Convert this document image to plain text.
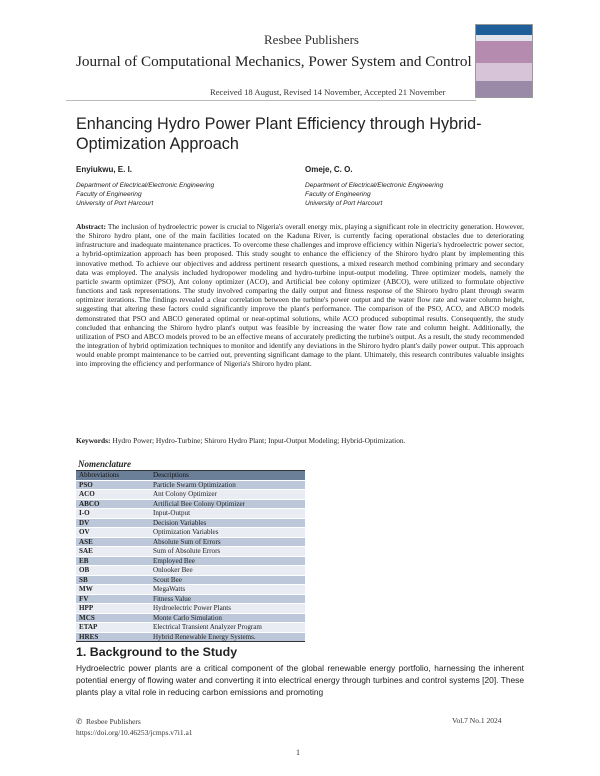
Resbee Publishers
Journal of Computational Mechanics, Power System and Control
Received 18 August, Revised 14 November, Accepted 21 November
Enhancing Hydro Power Plant Efficiency through Hybrid-Optimization Approach
Enyiukwu, E. I.
Department of Electrical/Electronic Engineering
Faculty of Engineering
University of Port Harcourt
Omeje, C. O.
Department of Electrical/Electronic Engineering
Faculty of Engineering
University of Port Harcourt
Abstract: The inclusion of hydroelectric power is crucial to Nigeria's overall energy mix, playing a significant role in electricity generation. However, the Shiroro hydro plant, one of the main facilities located on the Kaduna River, is currently facing operational obstacles due to deteriorating infrastructure and inadequate maintenance practices. To overcome these challenges and improve efficiency within Nigeria's hydroelectric power sector, a hybrid-optimization approach has been proposed. This study sought to enhance the efficiency of the Shiroro hydro plant by implementing this innovative method. To achieve our objectives and address pertinent research questions, a mixed research method combining primary and secondary data was employed. The analysis included hydropower modeling and hydro-turbine input-output modeling. Three optimizer models, namely the particle swarm optimizer (PSO), Ant colony optimizer (ACO), and Artificial bee colony optimizer (ABCO), were utilized to formulate objective functions and task representations. The study involved comparing the daily output and fitness response of the Shiroro hydro plant through swarm optimizer iterations. The findings revealed a clear correlation between the turbine's power output and the water flow rate and water column height, suggesting that altering these factors could significantly improve the plant's performance. The comparison of the PSO, ACO, and ABCO models demonstrated that PSO and ABCO generated optimal or near-optimal solutions, while ACO produced suboptimal results. Consequently, the study concluded that enhancing the Shiroro hydro plant's output was feasible by increasing the water flow rate and column height. Additionally, the utilization of PSO and ABCO models proved to be an effective means of accurately predicting the turbine's output. As a result, the study recommended the integration of hybrid optimization techniques to monitor and identify any deviations in the Shiroro hydro plant's daily power output. This approach would enable prompt maintenance to be carried out, preventing significant damage to the plant. Ultimately, this research contributes valuable insights into improving the efficiency and performance of Nigeria's Shiroro hydro plant.
Keywords: Hydro Power; Hydro-Turbine; Shiroro Hydro Plant; Input-Output Modeling; Hybrid-Optimization.
Nomenclature
Abbreviations	Descriptions
PSO	Particle Swarm Optimization
ACO	Ant Colony Optimizer
ABCO	Artificial Bee Colony Optimizer
I-O	Input-Output
DV	Decision Variables
OV	Optimization Variables
ASE	Absolute Sum of Errors
SAE	Sum of Absolute Errors
EB	Employed Bee
OB	Onlooker Bee
SB	Scout Bee
MW	MegaWatts
FV	Fitness Value
HPP	Hydroelectric Power Plants
MCS	Monte Carlo Simulation
ETAP	Electrical Transient Analyzer Program
HRES	Hybrid Renewable Energy Systems.
1. Background to the Study
Hydroelectric power plants are a critical component of the global renewable energy portfolio, harnessing the inherent potential energy of flowing water and converting it into electrical energy through turbines and control systems [20]. These plants play a vital role in reducing carbon emissions and promoting
✆ Resbee Publishers
https://doi.org/10.46253/jcmps.v7i1.a1
Vol.7 No.1 2024
1
